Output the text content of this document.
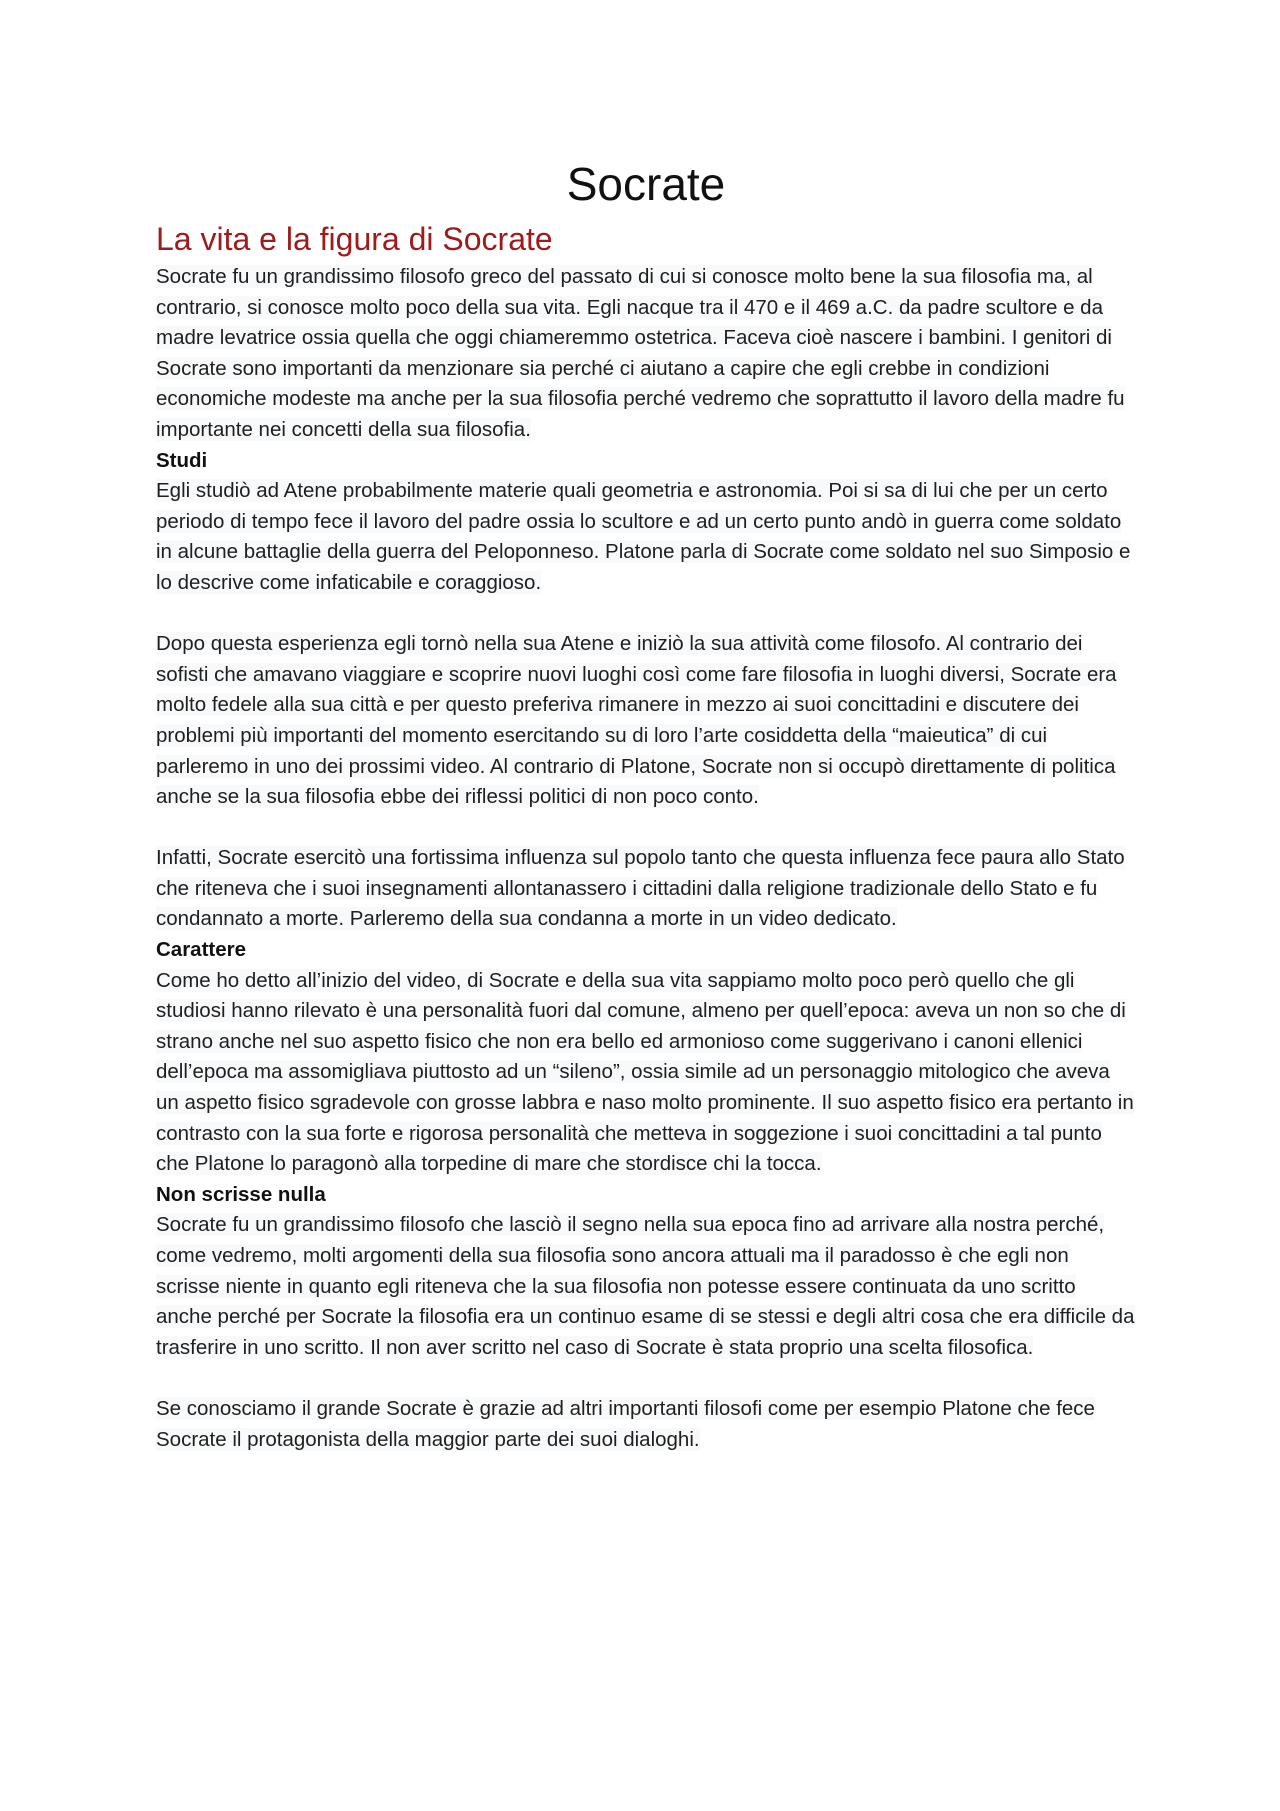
Socrate
La vita e la figura di Socrate
Socrate fu un grandissimo filosofo greco del passato di cui si conosce molto bene la sua filosofia ma, al contrario, si conosce molto poco della sua vita. Egli nacque tra il 470 e il 469 a.C. da padre scultore e da madre levatrice ossia quella che oggi chiameremmo ostetrica. Faceva cioè nascere i bambini. I genitori di Socrate sono importanti da menzionare sia perché ci aiutano a capire che egli crebbe in condizioni economiche modeste ma anche per la sua filosofia perché vedremo che soprattutto il lavoro della madre fu importante nei concetti della sua filosofia.
Studi
Egli studiò ad Atene probabilmente materie quali geometria e astronomia. Poi si sa di lui che per un certo periodo di tempo fece il lavoro del padre ossia lo scultore e ad un certo punto andò in guerra come soldato in alcune battaglie della guerra del Peloponneso. Platone parla di Socrate come soldato nel suo Simposio e lo descrive come infaticabile e coraggioso.
Dopo questa esperienza egli tornò nella sua Atene e iniziò la sua attività come filosofo. Al contrario dei sofisti che amavano viaggiare e scoprire nuovi luoghi così come fare filosofia in luoghi diversi, Socrate era molto fedele alla sua città e per questo preferiva rimanere in mezzo ai suoi concittadini e discutere dei problemi più importanti del momento esercitando su di loro l’arte cosiddetta della “maieutica” di cui parleremo in uno dei prossimi video. Al contrario di Platone, Socrate non si occupò direttamente di politica anche se la sua filosofia ebbe dei riflessi politici di non poco conto.
Infatti, Socrate esercitò una fortissima influenza sul popolo tanto che questa influenza fece paura allo Stato che riteneva che i suoi insegnamenti allontanassero i cittadini dalla religione tradizionale dello Stato e fu condannato a morte. Parleremo della sua condanna a morte in un video dedicato.
Carattere
Come ho detto all’inizio del video, di Socrate e della sua vita sappiamo molto poco però quello che gli studiosi hanno rilevato è una personalità fuori dal comune, almeno per quell’epoca: aveva un non so che di strano anche nel suo aspetto fisico che non era bello ed armonioso come suggerivano i canoni ellenici dell’epoca ma assomigliava piuttosto ad un “sileno”, ossia simile ad un personaggio mitologico che aveva un aspetto fisico sgradevole con grosse labbra e naso molto prominente. Il suo aspetto fisico era pertanto in contrasto con la sua forte e rigorosa personalità che metteva in soggezione i suoi concittadini a tal punto che Platone lo paragonò alla torpedine di mare che stordisce chi la tocca.
Non scrisse nulla
Socrate fu un grandissimo filosofo che lasciò il segno nella sua epoca fino ad arrivare alla nostra perché, come vedremo, molti argomenti della sua filosofia sono ancora attuali ma il paradosso è che egli non scrisse niente in quanto egli riteneva che la sua filosofia non potesse essere continuata da uno scritto anche perché per Socrate la filosofia era un continuo esame di se stessi e degli altri cosa che era difficile da trasferire in uno scritto. Il non aver scritto nel caso di Socrate è stata proprio una scelta filosofica.
Se conosciamo il grande Socrate è grazie ad altri importanti filosofi come per esempio Platone che fece Socrate il protagonista della maggior parte dei suoi dialoghi.
